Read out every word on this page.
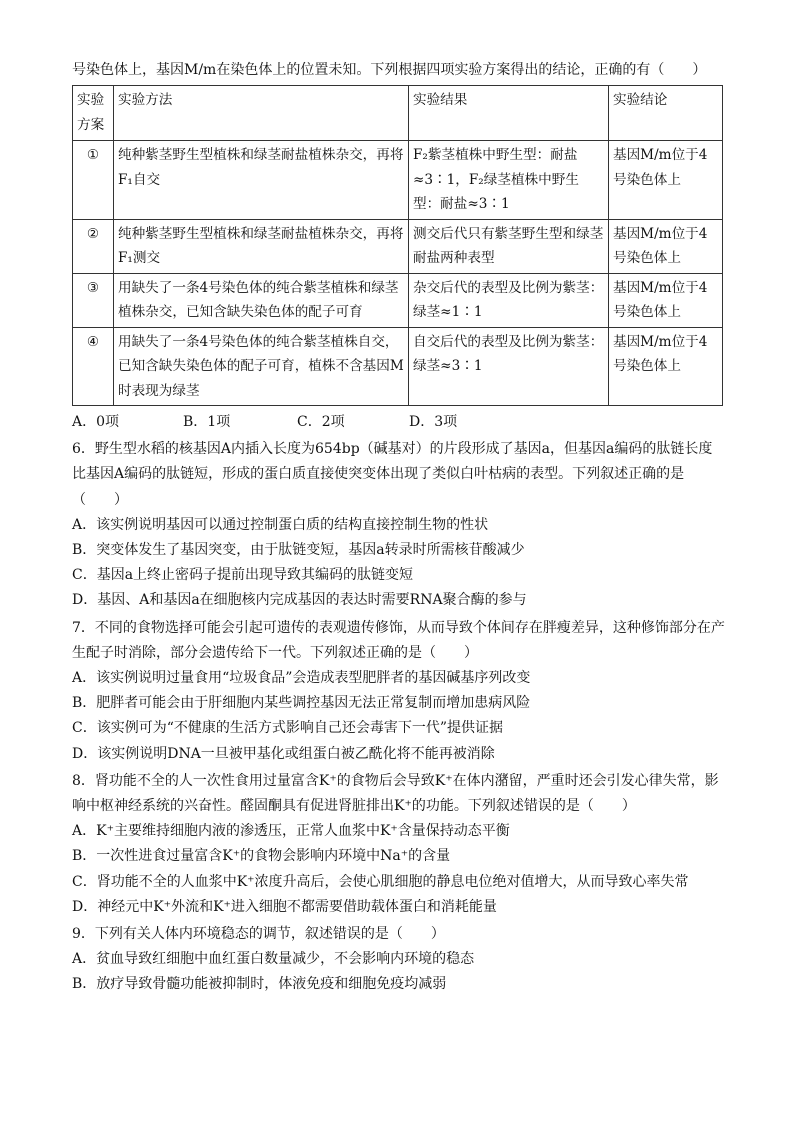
号染色体上，基因M/m在染色体上的位置未知。下列根据四项实验方案得出的结论，正确的有（　　）
实验方案	实验方法	实验结果	实验结论
①	纯种紫茎野生型植株和绿茎耐盐植株杂交，再将F₁自交	F₂紫茎植株中野生型：耐盐≈3∶1，F₂绿茎植株中野生型：耐盐≈3∶1	基因M/m位于4号染色体上
②	纯种紫茎野生型植株和绿茎耐盐植株杂交，再将F₁测交	测交后代只有紫茎野生型和绿茎耐盐两种表型	基因M/m位于4号染色体上
③	用缺失了一条4号染色体的纯合紫茎植株和绿茎植株杂交，已知含缺失染色体的配子可育	杂交后代的表型及比例为紫茎：绿茎≈1∶1	基因M/m位于4号染色体上
④	用缺失了一条4号染色体的纯合紫茎植株自交，已知含缺失染色体的配子可育，植株不含基因M时表现为绿茎	自交后代的表型及比例为紫茎：绿茎≈3∶1	基因M/m位于4号染色体上
A．0项	B．1项	C．2项	D．3项
6．野生型水稻的核基因A内插入长度为654bp（碱基对）的片段形成了基因a，但基因a编码的肽链长度
比基因A编码的肽链短，形成的蛋白质直接使突变体出现了类似白叶枯病的表型。下列叙述正确的是
（　　）
A．该实例说明基因可以通过控制蛋白质的结构直接控制生物的性状
B．突变体发生了基因突变，由于肽链变短，基因a转录时所需核苷酸减少
C．基因a上终止密码子提前出现导致其编码的肽链变短
D．基因、A和基因a在细胞核内完成基因的表达时需要RNA聚合酶的参与
7．不同的食物选择可能会引起可遗传的表观遗传修饰，从而导致个体间存在胖瘦差异，这种修饰部分在产
生配子时消除，部分会遗传给下一代。下列叙述正确的是（　　）
A．该实例说明过量食用“垃圾食品”会造成表型肥胖者的基因碱基序列改变
B．肥胖者可能会由于肝细胞内某些调控基因无法正常复制而增加患病风险
C．该实例可为“不健康的生活方式影响自己还会毒害下一代”提供证据
D．该实例说明DNA一旦被甲基化或组蛋白被乙酰化将不能再被消除
8．肾功能不全的人一次性食用过量富含K⁺的食物后会导致K⁺在体内潴留，严重时还会引发心律失常，影
响中枢神经系统的兴奋性。醛固酮具有促进肾脏排出K⁺的功能。下列叙述错误的是（　　）
A．K⁺主要维持细胞内液的渗透压，正常人血浆中K⁺含量保持动态平衡
B．一次性进食过量富含K⁺的食物会影响内环境中Na⁺的含量
C．肾功能不全的人血浆中K⁺浓度升高后，会使心肌细胞的静息电位绝对值增大，从而导致心率失常
D．神经元中K⁺外流和K⁺进入细胞不都需要借助载体蛋白和消耗能量
9．下列有关人体内环境稳态的调节，叙述错误的是（　　）
A．贫血导致红细胞中血红蛋白数量减少，不会影响内环境的稳态
B．放疗导致骨髓功能被抑制时，体液免疫和细胞免疫均减弱
